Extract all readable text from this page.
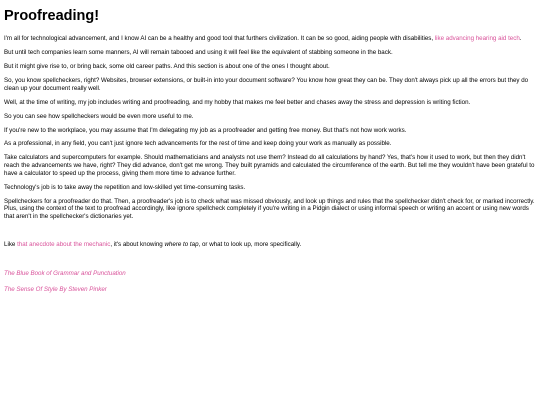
Proofreading!

I'm all for technological advancement, and I know AI can be a healthy and good tool that furthers civilization. It can be so good, aiding people with disabilities, like advancing hearing aid tech.

But until tech companies learn some manners, AI will remain tabooed and using it will feel like the equivalent of stabbing someone in the back.

But it might give rise to, or bring back, some old career paths. And this section is about one of the ones I thought about.

So, you know spellcheckers, right? Websites, browser extensions, or built-in into your document software? You know how great they can be. They don't always pick up all the errors but they do clean up your document really well.

Well, at the time of writing, my job includes writing and proofreading, and my hobby that makes me feel better and chases away the stress and depression is writing fiction.

So you can see how spellcheckers would be even more useful to me.

If you're new to the workplace, you may assume that I'm delegating my job as a proofreader and getting free money. But that's not how work works.

As a professional, in any field, you can't just ignore tech advancements for the rest of time and keep doing your work as manually as possible.

Take calculators and supercomputers for example. Should mathematicians and analysts not use them? Instead do all calculations by hand? Yes, that's how it used to work, but then they didn't reach the advancements we have, right? They did advance, don't get me wrong. They built pyramids and calculated the circumference of the earth. But tell me they wouldn't have been grateful to have a calculator to speed up the process, giving them more time to advance further.

Technology's job is to take away the repetition and low-skilled yet time-consuming tasks.

Spellcheckers for a proofreader do that. Then, a proofreader's job is to check what was missed obviously, and look up things and rules that the spellchecker didn't check for, or marked incorrectly. Plus, using the context of the text to proofread accordingly, like ignore spellcheck completely if you're writing in a Pidgin dialect or using informal speech or writing an accent or using new words that aren't in the spellchecker's dictionaries yet.

Like that anecdote about the mechanic, it's about knowing where to tap, or what to look up, more specifically.

The Blue Book of Grammar and Punctuation

The Sense Of Style By Steven Pinker
